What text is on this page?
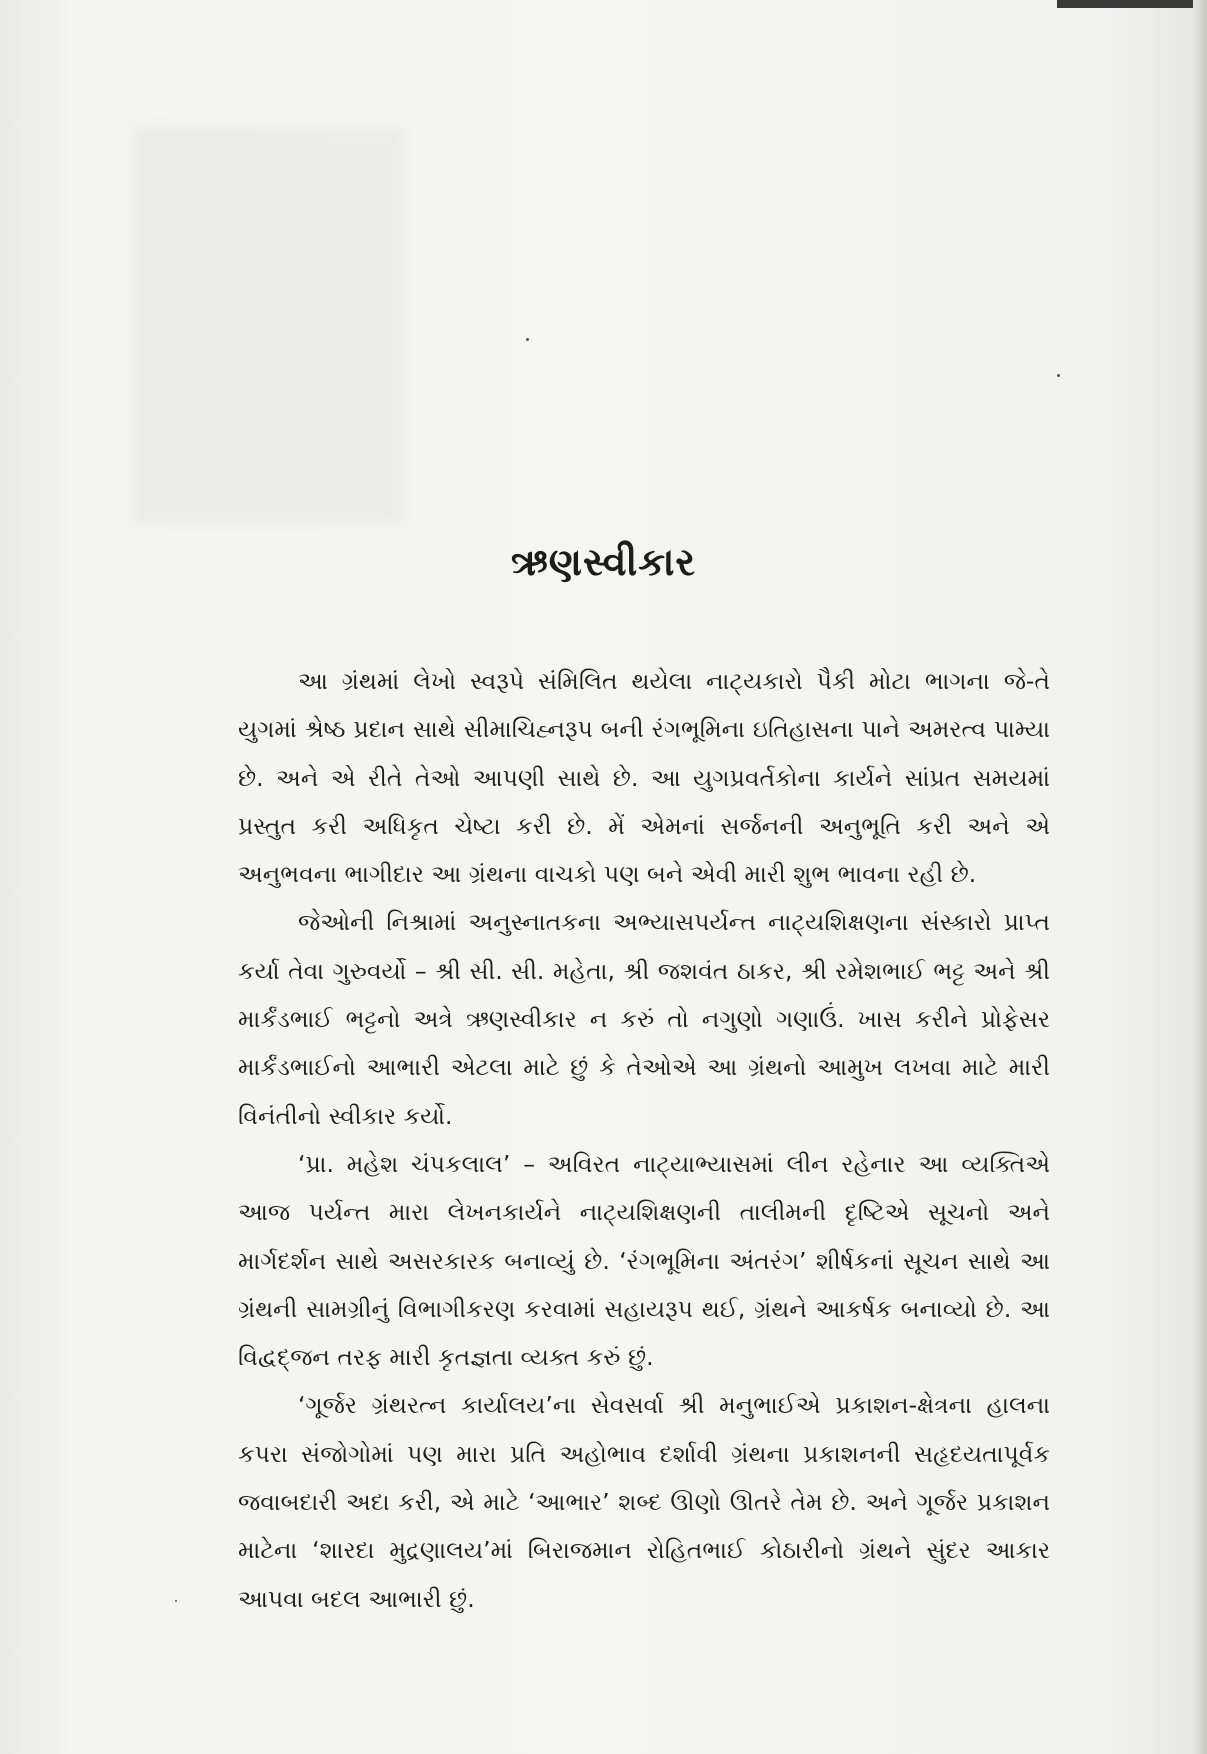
ઋણસ્વીકાર

આ ગ્રંથમાં લેખો સ્વરૂપે સંમિલિત થયેલા નાટ્યકારો પૈકી મોટા ભાગના જે-તે યુગમાં શ્રેષ્ઠ પ્રદાન સાથે સીમાચિહ્નરૂપ બની રંગભૂમિના ઇતિહાસના પાને અમરત્વ પામ્યા છે. અને એ રીતે તેઓ આપણી સાથે છે. આ યુગપ્રવર્તકોના કાર્યને સાંપ્રત સમયમાં પ્રસ્તુત કરી અધિકૃત ચેષ્ટા કરી છે. મેં એમનાં સર્જનની અનુભૂતિ કરી અને એ અનુભવના ભાગીદાર આ ગ્રંથના વાચકો પણ બને એવી મારી શુભ ભાવના રહી છે.

જેઓની નિશ્રામાં અનુસ્નાતકના અભ્યાસપર્યન્ત નાટ્યશિક્ષણના સંસ્કારો પ્રાપ્ત કર્યા તેવા ગુરુવર્યો – શ્રી સી. સી. મહેતા, શ્રી જશવંત ઠાકર, શ્રી રમેશભાઈ ભટ્ટ અને શ્રી માર્કંડભાઈ ભટ્ટનો અત્રે ઋણસ્વીકાર ન કરું તો નગુણો ગણાઉં. ખાસ કરીને પ્રોફેસર માર્કંડભાઈનો આભારી એટલા માટે છું કે તેઓએ આ ગ્રંથનો આમુખ લખવા માટે મારી વિનંતીનો સ્વીકાર કર્યો.

‘પ્રા. મહેશ ચંપકલાલ’ – અવિરત નાટ્યાભ્યાસમાં લીન રહેનાર આ વ્યક્તિએ આજ પર્યન્ત મારા લેખનકાર્યને નાટ્યશિક્ષણની તાલીમની દૃષ્ટિએ સૂચનો અને માર્ગદર્શન સાથે અસરકારક બનાવ્યું છે. ‘રંગભૂમિના અંતરંગ’ શીર્ષકનાં સૂચન સાથે આ ગ્રંથની સામગ્રીનું વિભાગીકરણ કરવામાં સહાયરૂપ થઈ, ગ્રંથને આકર્ષક બનાવ્યો છે. આ વિદ્વદ્જન તરફ મારી કૃતજ્ઞતા વ્યક્ત કરું છું.

‘ગૂર્જર ગ્રંથરત્ન કાર્યાલય’ના સેવસર્વા શ્રી મનુભાઈએ પ્રકાશન-ક્ષેત્રના હાલના કપરા સંજોગોમાં પણ મારા પ્રતિ અહોભાવ દર્શાવી ગ્રંથના પ્રકાશનની સહૃદયતાપૂર્વક જવાબદારી અદા કરી, એ માટે ‘આભાર’ શબ્દ ઊણો ઊતરે તેમ છે. અને ગૂર્જર પ્રકાશન માટેના ‘શારદા મુદ્રણાલય’માં બિરાજમાન રોહિતભાઈ કોઠારીનો ગ્રંથને સુંદર આકાર આપવા બદલ આભારી છું.
